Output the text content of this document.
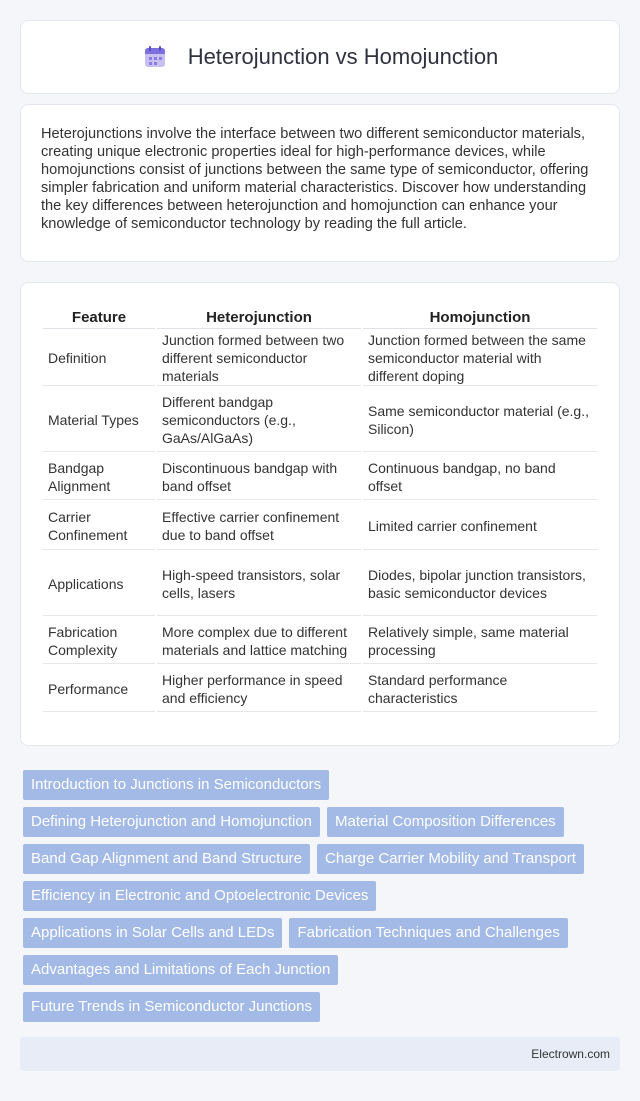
Heterojunction vs Homojunction

Heterojunctions involve the interface between two different semiconductor materials, creating unique electronic properties ideal for high-performance devices, while homojunctions consist of junctions between the same type of semiconductor, offering simpler fabrication and uniform material characteristics. Discover how understanding the key differences between heterojunction and homojunction can enhance your knowledge of semiconductor technology by reading the full article.

Feature	Heterojunction	Homojunction
Definition	Junction formed between two different semiconductor materials	Junction formed between the same semiconductor material with different doping
Material Types	Different bandgap semiconductors (e.g., GaAs/AlGaAs)	Same semiconductor material (e.g., Silicon)
Bandgap Alignment	Discontinuous bandgap with band offset	Continuous bandgap, no band offset
Carrier Confinement	Effective carrier confinement due to band offset	Limited carrier confinement
Applications	High-speed transistors, solar cells, lasers	Diodes, bipolar junction transistors, basic semiconductor devices
Fabrication Complexity	More complex due to different materials and lattice matching	Relatively simple, same material processing
Performance	Higher performance in speed and efficiency	Standard performance characteristics
Introduction to Junctions in Semiconductors
Defining Heterojunction and Homojunction	Material Composition Differences
Band Gap Alignment and Band Structure	Charge Carrier Mobility and Transport
Efficiency in Electronic and Optoelectronic Devices
Applications in Solar Cells and LEDs	Fabrication Techniques and Challenges
Advantages and Limitations of Each Junction
Future Trends in Semiconductor Junctions
Electrown.com
